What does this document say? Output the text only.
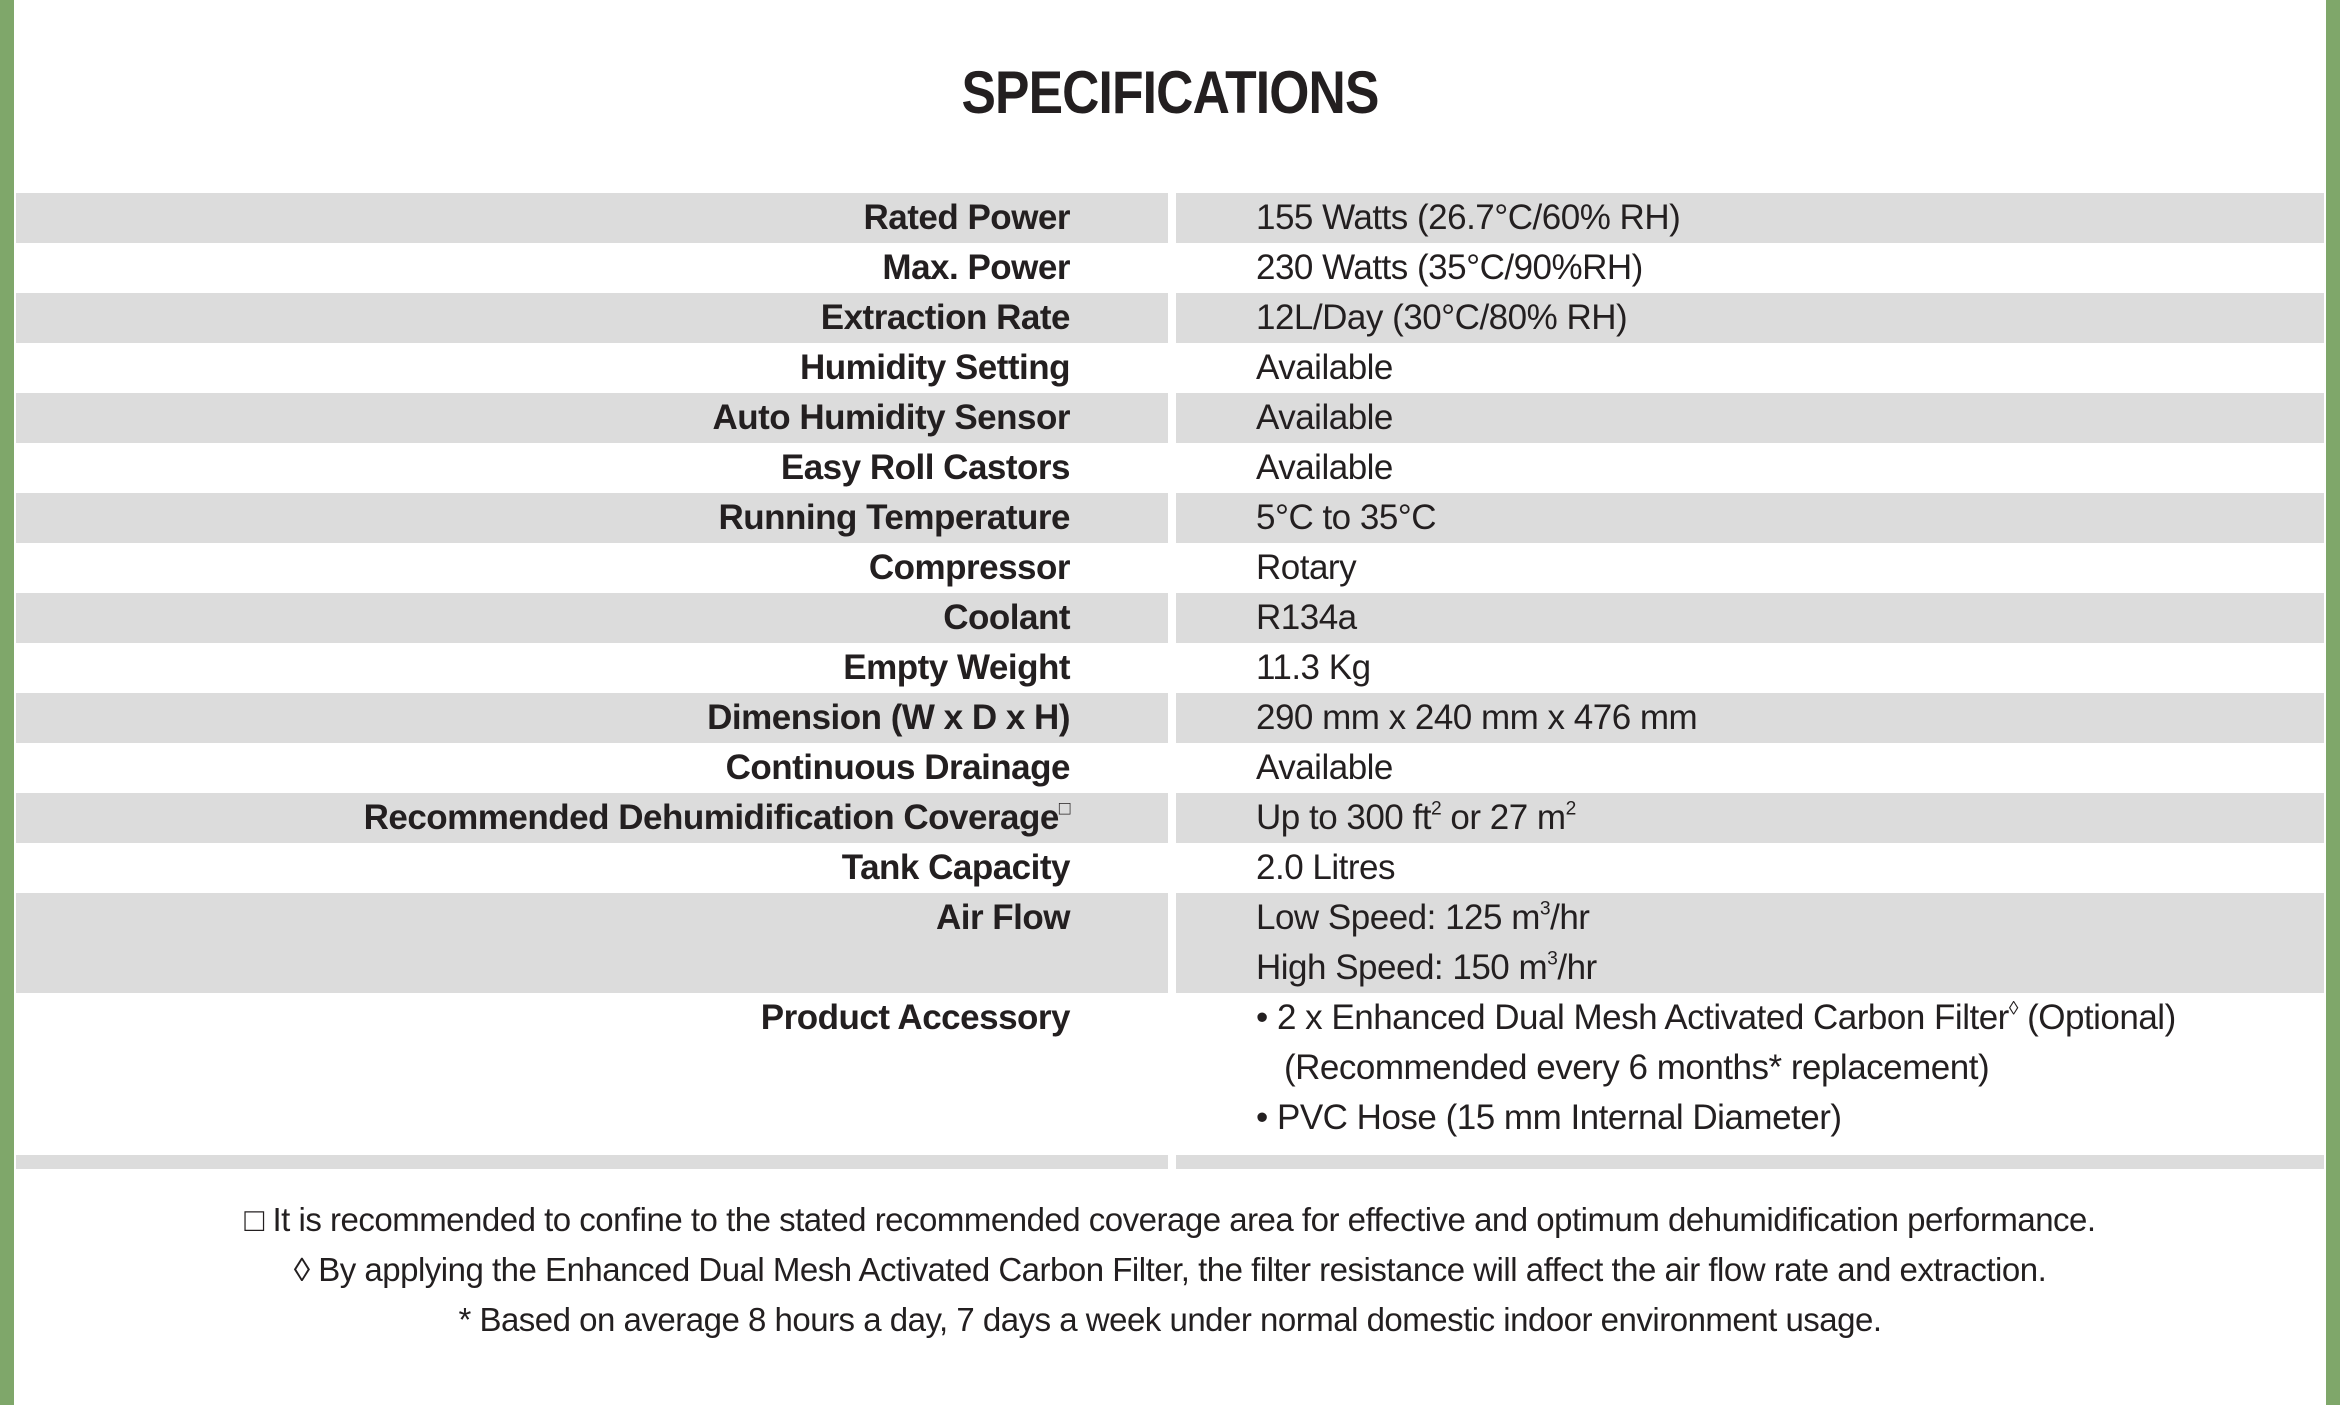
SPECIFICATIONS
Rated Power	155 Watts (26.7°C/60% RH)
Max. Power	230 Watts (35°C/90%RH)
Extraction Rate	12L/Day (30°C/80% RH)
Humidity Setting	Available
Auto Humidity Sensor	Available
Easy Roll Castors	Available
Running Temperature	5°C to 35°C
Compressor	Rotary
Coolant	R134a
Empty Weight	11.3 Kg
Dimension (W x D x H)	290 mm x 240 mm x 476 mm
Continuous Drainage	Available
Recommended Dehumidification Coverage□	Up to 300 $ft^2$ or 27 $m^2$
Tank Capacity	2.0 Litres
Air Flow	Low Speed: 125 $m^3/hr$
High Speed: 150 $m^3/hr$
Product Accessory	• 2 x Enhanced Dual Mesh Activated Carbon Filter◊ (Optional)
(Recommended every 6 months* replacement)
• PVC Hose (15 mm Internal Diameter)
□ It is recommended to confine to the stated recommended coverage area for effective and optimum dehumidification performance.
◊ By applying the Enhanced Dual Mesh Activated Carbon Filter, the filter resistance will affect the air flow rate and extraction.
* Based on average 8 hours a day, 7 days a week under normal domestic indoor environment usage.
